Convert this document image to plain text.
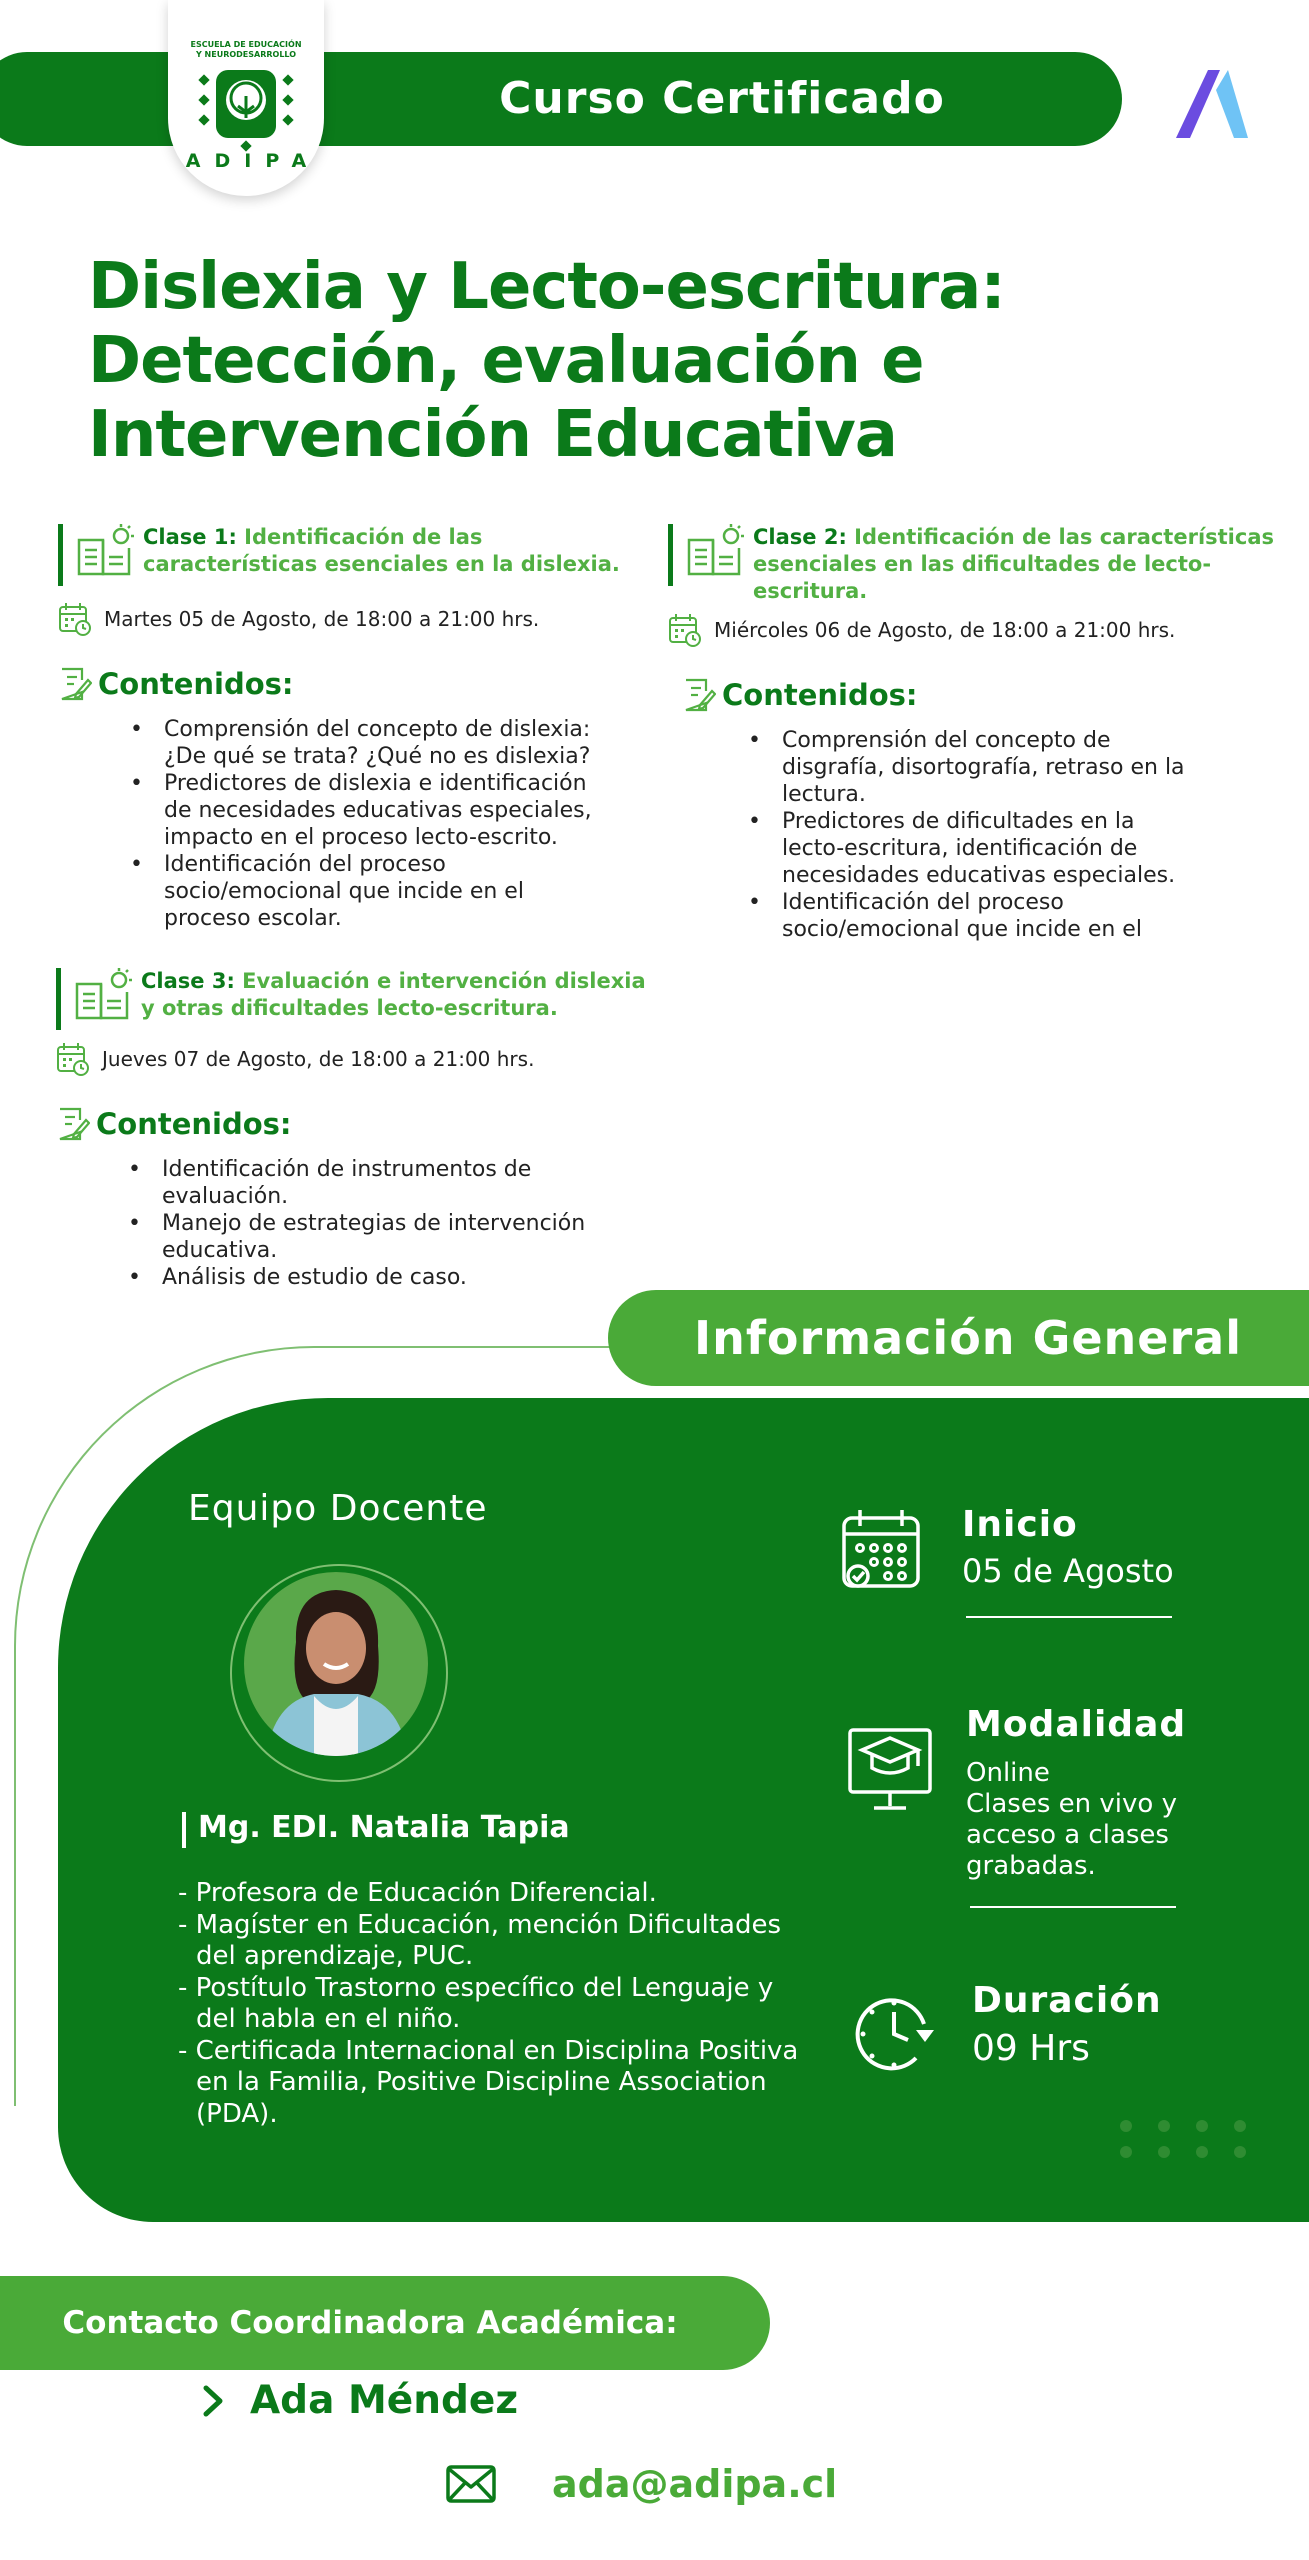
Curso Certificado
ESCUELA DE EDUCACIÓN
Y NEURODESARROLLO
ADIPA
Dislexia y Lecto-escritura:
Detección, evaluación e
Intervención Educativa
Clase 1: Identificación de las características esenciales en la dislexia.
Martes 05 de Agosto, de 18:00 a 21:00 hrs.
Contenidos:
• Comprensión del concepto de dislexia: ¿De qué se trata? ¿Qué no es dislexia?
• Predictores de dislexia e identificación de necesidades educativas especiales, impacto en el proceso lecto-escrito.
• Identificación del proceso socio/emocional que incide en el proceso escolar.
Clase 2: Identificación de las características esenciales en las dificultades de lecto-escritura.
Miércoles 06 de Agosto, de 18:00 a 21:00 hrs.
Contenidos:
• Comprensión del concepto de disgrafía, disortografía, retraso en la lectura.
• Predictores de dificultades en la lecto-escritura, identificación de necesidades educativas especiales.
• Identificación del proceso socio/emocional que incide en el
Clase 3: Evaluación e intervención dislexia y otras dificultades lecto-escritura.
Jueves 07 de Agosto, de 18:00 a 21:00 hrs.
Contenidos:
• Identificación de instrumentos de evaluación.
• Manejo de estrategias de intervención educativa.
• Análisis de estudio de caso.
Información General
Equipo Docente
Mg. EDI. Natalia Tapia
- Profesora de Educación Diferencial.
- Magíster en Educación, mención Dificultades del aprendizaje, PUC.
- Postítulo Trastorno específico del Lenguaje y del habla en el niño.
- Certificada Internacional en Disciplina Positiva en la Familia, Positive Discipline Association (PDA).
Inicio
05 de Agosto
Modalidad
Online
Clases en vivo y acceso a clases grabadas.
Duración
09 Hrs
Contacto Coordinadora Académica:
Ada Méndez
ada@adipa.cl
